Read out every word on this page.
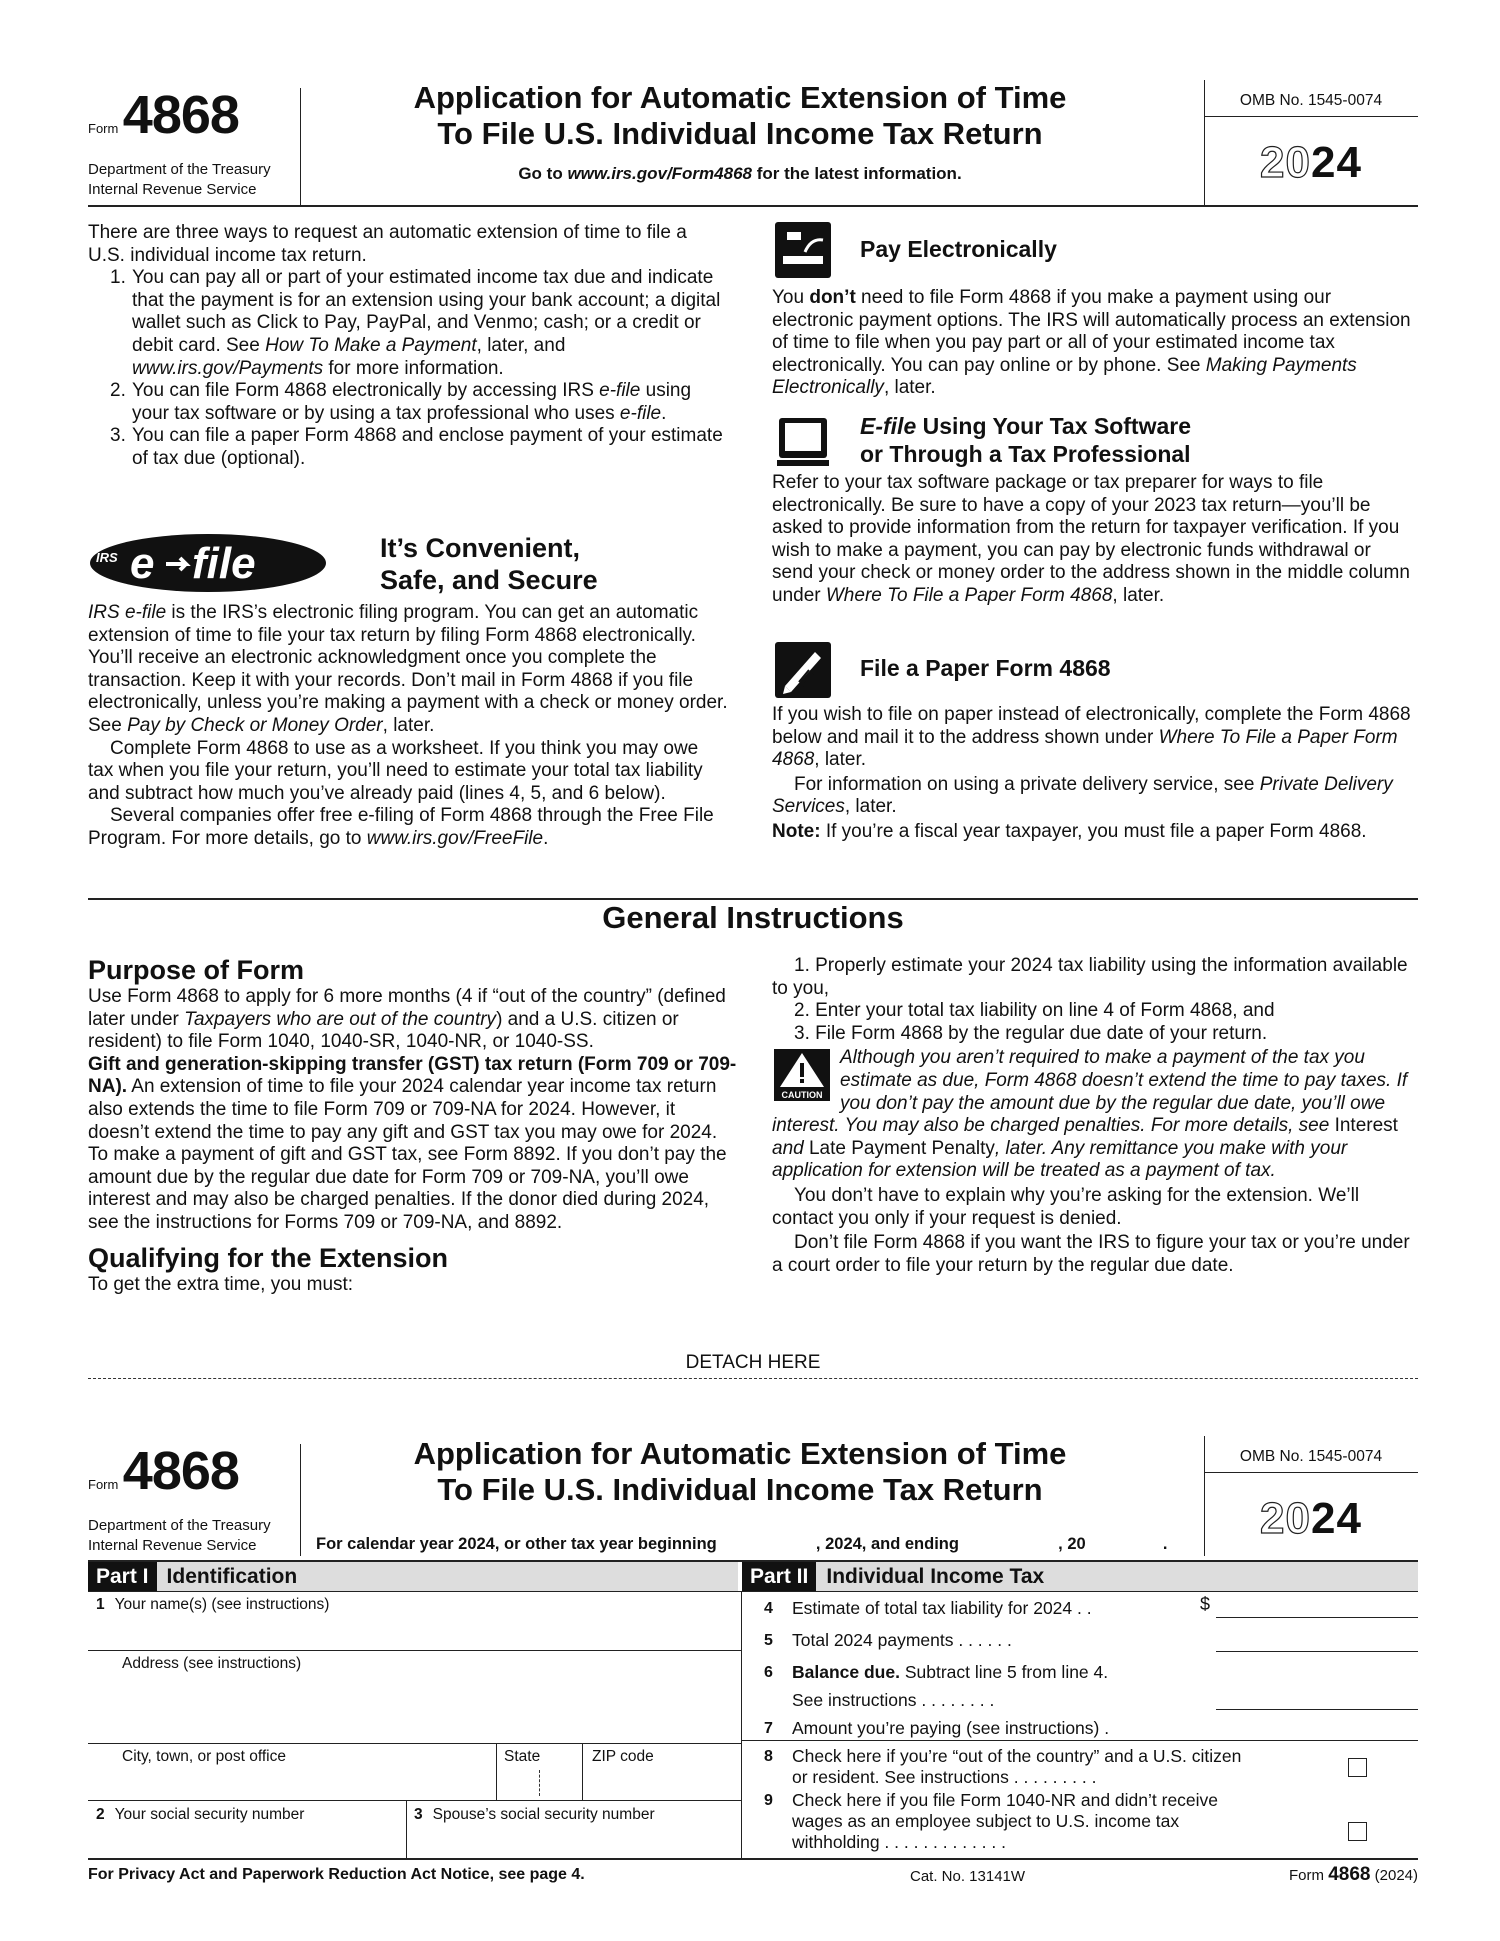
Form 4868
Department of the Treasury
Internal Revenue Service
Application for Automatic Extension of Time
To File U.S. Individual Income Tax Return
Go to www.irs.gov/Form4868 for the latest information.
OMB No. 1545-0074
2024

There are three ways to request an automatic extension of time to file a U.S. individual income tax return.

1. You can pay all or part of your estimated income tax due and indicate that the payment is for an extension using your bank account; a digital wallet such as Click to Pay, PayPal, and Venmo; cash; or a credit or debit card. See How To Make a Payment, later, and www.irs.gov/Payments for more information.
2. You can file Form 4868 electronically by accessing IRS e-file using your tax software or by using a tax professional who uses e-file.
3. You can file a paper Form 4868 and enclose payment of your estimate of tax due (optional).
IRS e file	It’s Convenient,
Safe, and Secure

IRS e-file is the IRS’s electronic filing program. You can get an automatic extension of time to file your tax return by filing Form 4868 electronically. You’ll receive an electronic acknowledgment once you complete the transaction. Keep it with your records. Don’t mail in Form 4868 if you file electronically, unless you’re making a payment with a check or money order. See Pay by Check or Money Order, later.

Complete Form 4868 to use as a worksheet. If you think you may owe tax when you file your return, you’ll need to estimate your total tax liability and subtract how much you’ve already paid (lines 4, 5, and 6 below).

Several companies offer free e-filing of Form 4868 through the Free File Program. For more details, go to www.irs.gov/FreeFile.

Pay Electronically
You don’t need to file Form 4868 if you make a payment using our electronic payment options. The IRS will automatically process an extension of time to file when you pay part or all of your estimated income tax electronically. You can pay online or by phone. See Making Payments Electronically, later.
E-file Using Your Tax Software
or Through a Tax Professional
Refer to your tax software package or tax preparer for ways to file electronically. Be sure to have a copy of your 2023 tax return—you’ll be asked to provide information from the return for taxpayer verification. If you wish to make a payment, you can pay by electronic funds withdrawal or send your check or money order to the address shown in the middle column under Where To File a Paper Form 4868, later.
File a Paper Form 4868

If you wish to file on paper instead of electronically, complete the Form 4868 below and mail it to the address shown under Where To File a Paper Form 4868, later.

For information on using a private delivery service, see Private Delivery Services, later.

Note: If you’re a fiscal year taxpayer, you must file a paper Form 4868.

General Instructions
Purpose of Form

Use Form 4868 to apply for 6 more months (4 if “out of the country” (defined later under Taxpayers who are out of the country) and a U.S. citizen or resident) to file Form 1040, 1040-SR, 1040-NR, or 1040-SS.

Gift and generation-skipping transfer (GST) tax return (Form 709 or 709-NA). An extension of time to file your 2024 calendar year income tax return also extends the time to file Form 709 or 709-NA for 2024. However, it doesn’t extend the time to pay any gift and GST tax you may owe for 2024. To make a payment of gift and GST tax, see Form 8892. If you don’t pay the amount due by the regular due date for Form 709 or 709-NA, you’ll owe interest and may also be charged penalties. If the donor died during 2024, see the instructions for Forms 709 or 709-NA, and 8892.

Qualifying for the Extension

To get the extra time, you must:

1. Properly estimate your 2024 tax liability using the information available to you,

2. Enter your total tax liability on line 4 of Form 4868, and

3. File Form 4868 by the regular due date of your return.

CAUTION
Although you aren’t required to make a payment of the tax you estimate as due, Form 4868 doesn’t extend the time to pay taxes. If you don’t pay the amount due by the regular due date, you’ll owe interest. You may also be charged penalties. For more details, see Interest and Late Payment Penalty, later. Any remittance you make with your application for extension will be treated as a payment of tax.

You don’t have to explain why you’re asking for the extension. We’ll contact you only if your request is denied.

Don’t file Form 4868 if you want the IRS to figure your tax or you’re under a court order to file your return by the regular due date.

DETACH HERE
Form 4868
Department of the Treasury
Internal Revenue Service
Application for Automatic Extension of Time
To File U.S. Individual Income Tax Return
For calendar year 2024, or other tax year beginning	, 2024, and ending	, 20	.
OMB No. 1545-0074
2024
Part I Identification	Part II Individual Income Tax
1 Your name(s) (see instructions)
Address (see instructions)
City, town, or post office	State	ZIP code
2 Your social security number	3 Spouse’s social security number
4	Estimate of total tax liability for 2024 . .	$
5	Total 2024 payments . . . . . .
6	Balance due. Subtract line 5 from line 4.
See instructions . . . . . . . .
7	Amount you’re paying (see instructions) .
8	Check here if you’re “out of the country” and a U.S. citizen
or resident. See instructions . . . . . . . . .
9	Check here if you file Form 1040-NR and didn’t receive
wages as an employee subject to U.S. income tax
withholding . . . . . . . . . . . . .
For Privacy Act and Paperwork Reduction Act Notice, see page 4.	Cat. No. 13141W	Form 4868 (2024)
